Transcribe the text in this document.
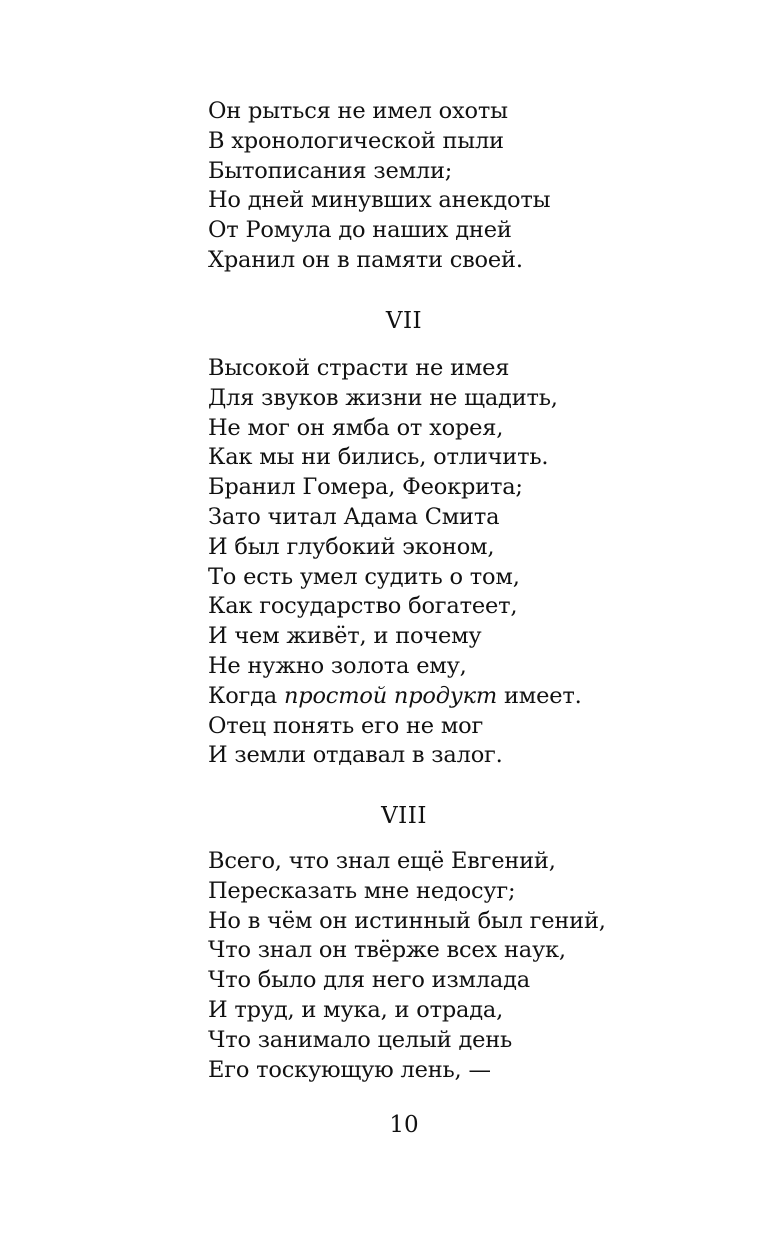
Он рыться не имел охоты
В хронологической пыли
Бытописания земли;
Но дней минувших анекдоты
От Ромула до наших дней
Хранил он в памяти своей.
VII
Высокой страсти не имея
Для звуков жизни не щадить,
Не мог он ямба от хорея,
Как мы ни бились, отличить.
Бранил Гомера, Феокрита;
Зато читал Адама Смита
И был глубокий эконом,
То есть умел судить о том,
Как государство богатеет,
И чем живёт, и почему
Не нужно золота ему,
Когда простой продукт имеет.
Отец понять его не мог
И земли отдавал в залог.
VIII
Всего, что знал ещё Евгений,
Пересказать мне недосуг;
Но в чём он истинный был гений,
Что знал он твёрже всех наук,
Что было для него измлада
И труд, и мука, и отрада,
Что занимало целый день
Его тоскующую лень, —
10
